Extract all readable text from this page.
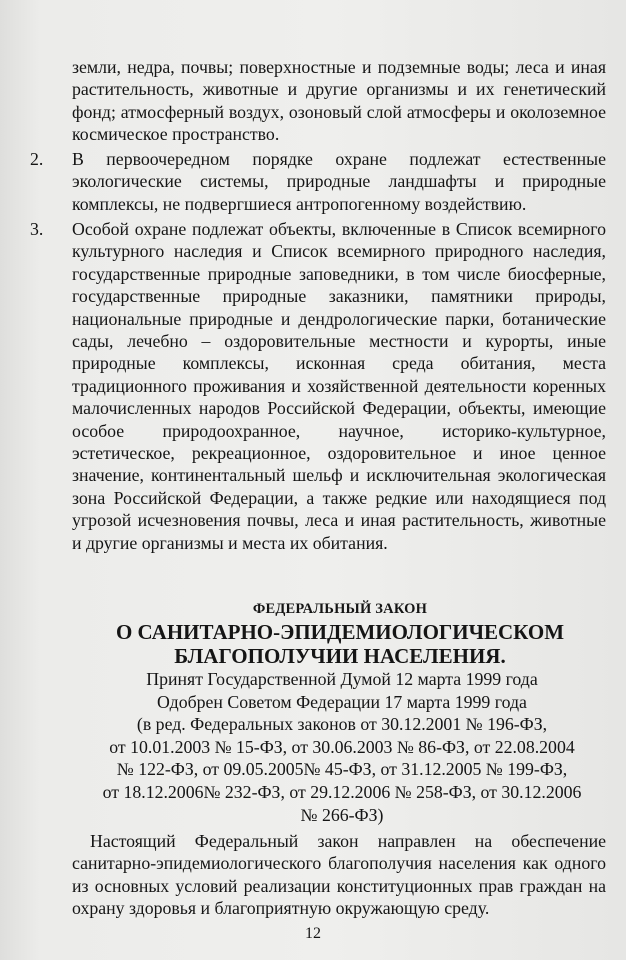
земли, недра, почвы; поверхностные и подземные воды; леса и иная растительность, животные и другие организмы и их генетический фонд; атмосферный воздух, озоновый слой атмосферы и околоземное космическое пространство.

2. В первоочередном порядке охране подлежат естественные экологические системы, природные ландшафты и природные комплексы, не подвергшиеся антропогенному воздействию.
3. Особой охране подлежат объекты, включенные в Список всемирного культурного наследия и Список всемирного природного наследия, государственные природные заповедники, в том числе биосферные, государственные природные заказники, памятники природы, национальные природные и дендрологические парки, ботанические сады, лечебно – оздоровительные местности и курорты, иные природные комплексы, исконная среда обитания, места традиционного проживания и хозяйственной деятельности коренных малочисленных народов Российской Федерации, объекты, имеющие особое природоохранное, научное, историко-культурное, эстетическое, рекреационное, оздоровительное и иное ценное значение, континентальный шельф и исключительная экологическая зона Российской Федерации, а также редкие или находящиеся под угрозой исчезновения почвы, леса и иная растительность, животные и другие организмы и места их обитания.
ФЕДЕРАЛЬНЫЙ ЗАКОН
О САНИТАРНО-ЭПИДЕМИОЛОГИЧЕСКОМ
БЛАГОПОЛУЧИИ НАСЕЛЕНИЯ.
Принят Государственной Думой 12 марта 1999 года
Одобрен Советом Федерации 17 марта 1999 года
(в ред. Федеральных законов от 30.12.2001 № 196-ФЗ,
от 10.01.2003 № 15-ФЗ, от 30.06.2003 № 86-ФЗ, от 22.08.2004
№ 122-ФЗ, от 09.05.2005№ 45-ФЗ, от 31.12.2005 № 199-ФЗ,
от 18.12.2006№ 232-ФЗ, от 29.12.2006 № 258-ФЗ, от 30.12.2006
№ 266-ФЗ)

Настоящий Федеральный закон направлен на обеспечение санитарно-эпидемиологического благополучия населения как одного из основных условий реализации конституционных прав граждан на охрану здоровья и благоприятную окружающую среду.

12
